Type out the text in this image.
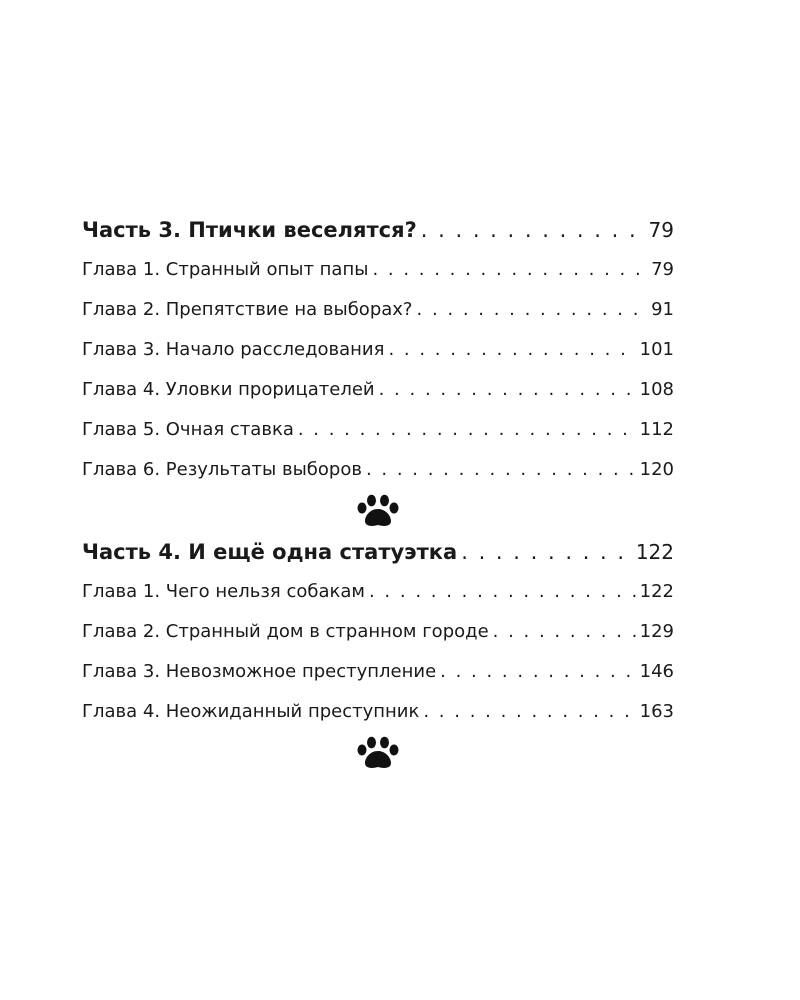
Часть 3. Птички веселятся? . . .	79
Глава 1. Странный опыт папы . . .	79
Глава 2. Препятствие на выборах? . . .	91
Глава 3. Начало расследования . . .	101
Глава 4. Уловки прорицателей . . .	108
Глава 5. Очная ставка . . .	112
Глава 6. Результаты выборов . . .	120
Часть 4. И ещё одна статуэтка . . .	122
Глава 1. Чего нельзя собакам . . .	122
Глава 2. Странный дом в странном городе . . .	129
Глава 3. Невозможное преступление . . .	146
Глава 4. Неожиданный преступник . . .	163
